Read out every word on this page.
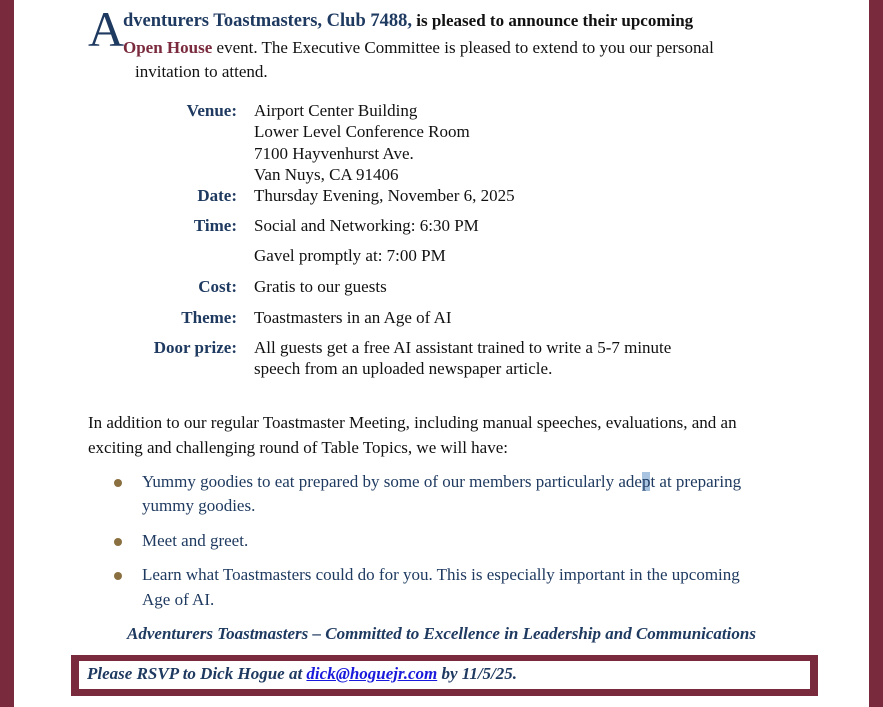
A
dventurers Toastmasters, Club 7488, is pleased to announce their upcoming
Open House event. The Executive Committee is pleased to extend to you our personal
invitation to attend.
Venue: Airport Center Building
Lower Level Conference Room
7100 Hayvenhurst Ave.
Van Nuys, CA 91406
Date: Thursday Evening, November 6, 2025
Time: Social and Networking: 6:30 PM
Gavel promptly at: 7:00 PM
Cost: Gratis to our guests
Theme: Toastmasters in an Age of AI
Door prize: All guests get a free AI assistant trained to write a 5-7 minute
speech from an uploaded newspaper article.
In addition to our regular Toastmaster Meeting, including manual speeches, evaluations, and an
exciting and challenging round of Table Topics, we will have:
Yummy goodies to eat prepared by some of our members particularly adept at preparing
yummy goodies.
Meet and greet.
Learn what Toastmasters could do for you. This is especially important in the upcoming
Age of AI.
Adventurers Toastmasters – Committed to Excellence in Leadership and Communications
Please RSVP to Dick Hogue at dick@hoguejr.com by 11/5/25.
